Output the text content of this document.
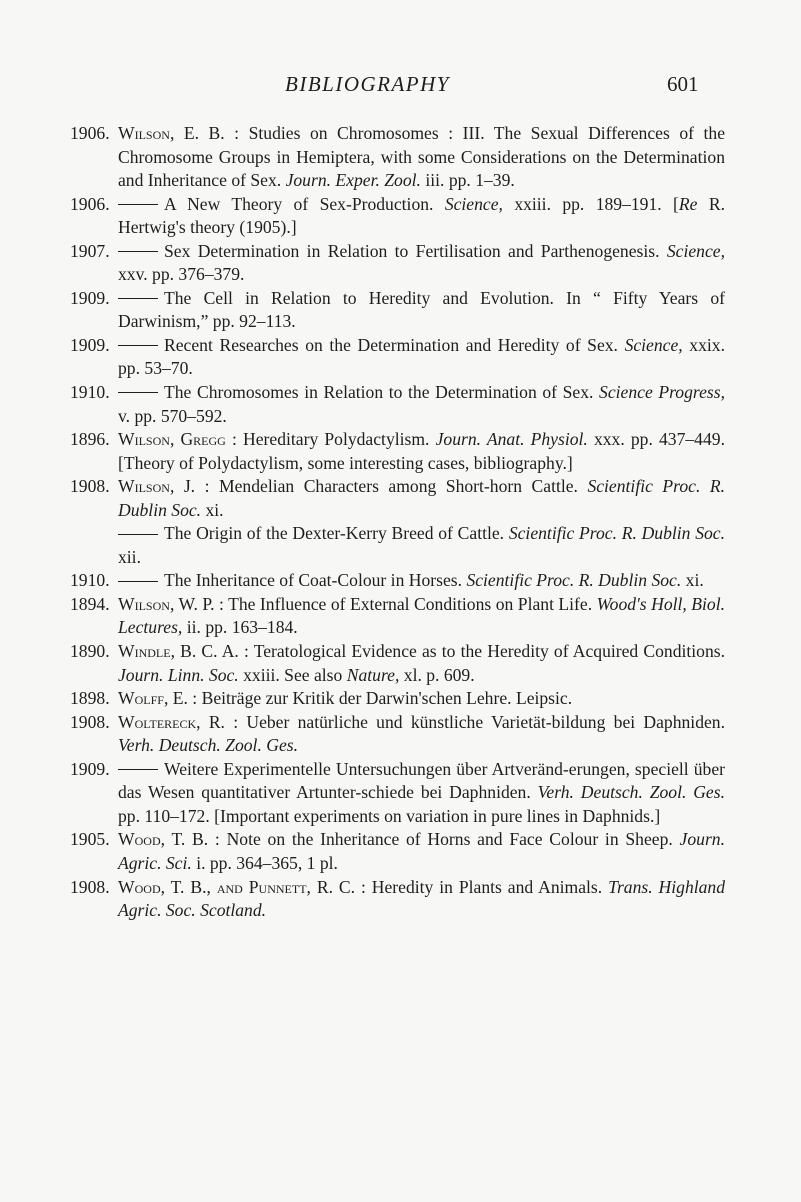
BIBLIOGRAPHY	601
1906. Wilson, E. B. : Studies on Chromosomes : III. The Sexual Differences of the Chromosome Groups in Hemiptera, with some Considerations on the Determination and Inheritance of Sex. Journ. Exper. Zool. iii. pp. 1–39.
1906.	A New Theory of Sex-Production. Science, xxiii. pp. 189–191. [Re R. Hertwig's theory (1905).]
1907.	Sex Determination in Relation to Fertilisation and Parthenogenesis. Science, xxv. pp. 376–379.
1909.	The Cell in Relation to Heredity and Evolution. In “ Fifty Years of Darwinism,” pp. 92–113.
1909.	Recent Researches on the Determination and Heredity of Sex. Science, xxix. pp. 53–70.
1910.	The Chromosomes in Relation to the Determination of Sex. Science Progress, v. pp. 570–592.
1896. Wilson, Gregg : Hereditary Polydactylism. Journ. Anat. Physiol. xxx. pp. 437–449. [Theory of Polydactylism, some interesting cases, bibliography.]
1908. Wilson, J. : Mendelian Characters among Short-horn Cattle. Scientific Proc. R. Dublin Soc. xi.
The Origin of the Dexter-Kerry Breed of Cattle. Scientific Proc. R. Dublin Soc. xii.
1910.	The Inheritance of Coat-Colour in Horses. Scientific Proc. R. Dublin Soc. xi.
1894. Wilson, W. P. : The Influence of External Conditions on Plant Life. Wood's Holl, Biol. Lectures, ii. pp. 163–184.
1890. Windle, B. C. A. : Teratological Evidence as to the Heredity of Acquired Conditions. Journ. Linn. Soc. xxiii. See also Nature, xl. p. 609.
1898. Wolff, E. : Beiträge zur Kritik der Darwin'schen Lehre. Leipsic.
1908. Woltereck, R. : Ueber natürliche und künstliche Varietät-bildung bei Daphniden. Verh. Deutsch. Zool. Ges.
1909.	Weitere Experimentelle Untersuchungen über Artveränd-erungen, speciell über das Wesen quantitativer Artunter-schiede bei Daphniden. Verh. Deutsch. Zool. Ges. pp. 110–172. [Important experiments on variation in pure lines in Daphnids.]
1905. Wood, T. B. : Note on the Inheritance of Horns and Face Colour in Sheep. Journ. Agric. Sci. i. pp. 364–365, 1 pl.
1908. Wood, T. B., and Punnett, R. C. : Heredity in Plants and Animals. Trans. Highland Agric. Soc. Scotland.
